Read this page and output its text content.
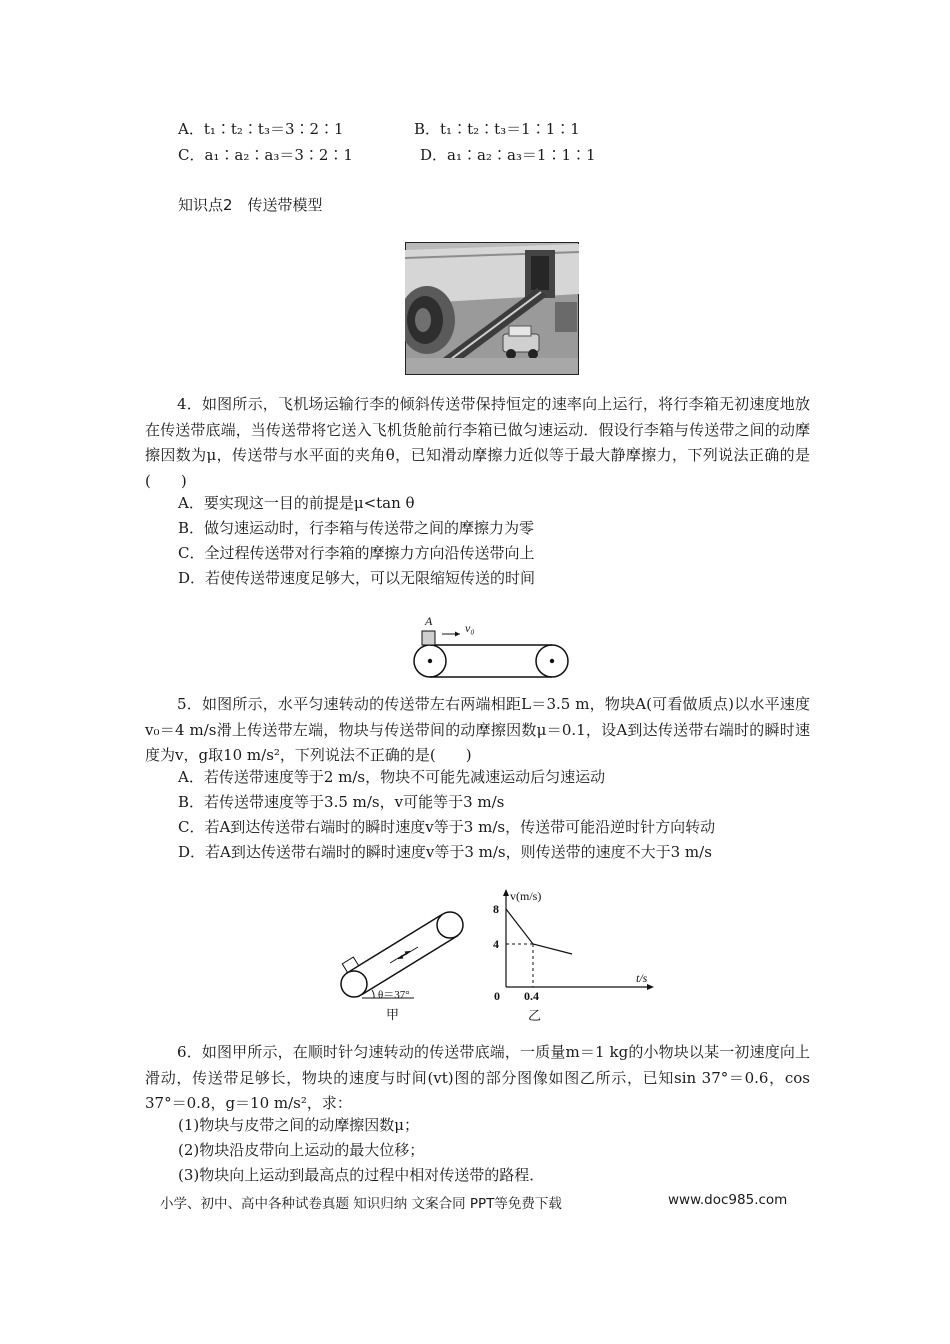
A．t₁∶t₂∶t₃＝3∶2∶1	B．t₁∶t₂∶t₃＝1∶1∶1
C．a₁∶a₂∶a₃＝3∶2∶1	D．a₁∶a₂∶a₃＝1∶1∶1
知识点2　传送带模型
4．如图所示，飞机场运输行李的倾斜传送带保持恒定的速率向上运行，将行李箱无初速度地放在传送带底端，当传送带将它送入飞机货舱前行李箱已做匀速运动．假设行李箱与传送带之间的动摩擦因数为μ，传送带与水平面的夹角θ，已知滑动摩擦力近似等于最大静摩擦力，下列说法正确的是(　　)
A．要实现这一目的前提是μ<tan θ
B．做匀速运动时，行李箱与传送带之间的摩擦力为零
C．全过程传送带对行李箱的摩擦力方向沿传送带向上
D．若使传送带速度足够大，可以无限缩短传送的时间
A	v₀
5．如图所示，水平匀速转动的传送带左右两端相距L＝3.5 m，物块A(可看做质点)以水平速度v₀＝4 m/s滑上传送带左端，物块与传送带间的动摩擦因数μ＝0.1，设A到达传送带右端时的瞬时速度为v，g取10 m/s²，下列说法不正确的是(　　)
A．若传送带速度等于2 m/s，物块不可能先减速运动后匀速运动
B．若传送带速度等于3.5 m/s，v可能等于3 m/s
C．若A到达传送带右端时的瞬时速度v等于3 m/s，传送带可能沿逆时针方向转动
D．若A到达传送带右端时的瞬时速度v等于3 m/s，则传送带的速度不大于3 m/s
θ＝37°
甲
v(m/s)
t/s
8
4
0 0.4
乙
6．如图甲所示，在顺时针匀速转动的传送带底端，一质量m＝1 kg的小物块以某一初速度向上滑动，传送带足够长，物块的速度与时间(vt)图的部分图像如图乙所示，已知sin 37°＝0.6，cos 37°＝0.8，g＝10 m/s²，求：
(1)物块与皮带之间的动摩擦因数μ；
(2)物块沿皮带向上运动的最大位移；
(3)物块向上运动到最高点的过程中相对传送带的路程．
小学、初中、高中各种试卷真题 知识归纳 文案合同 PPT等免费下载	www.doc985.com
